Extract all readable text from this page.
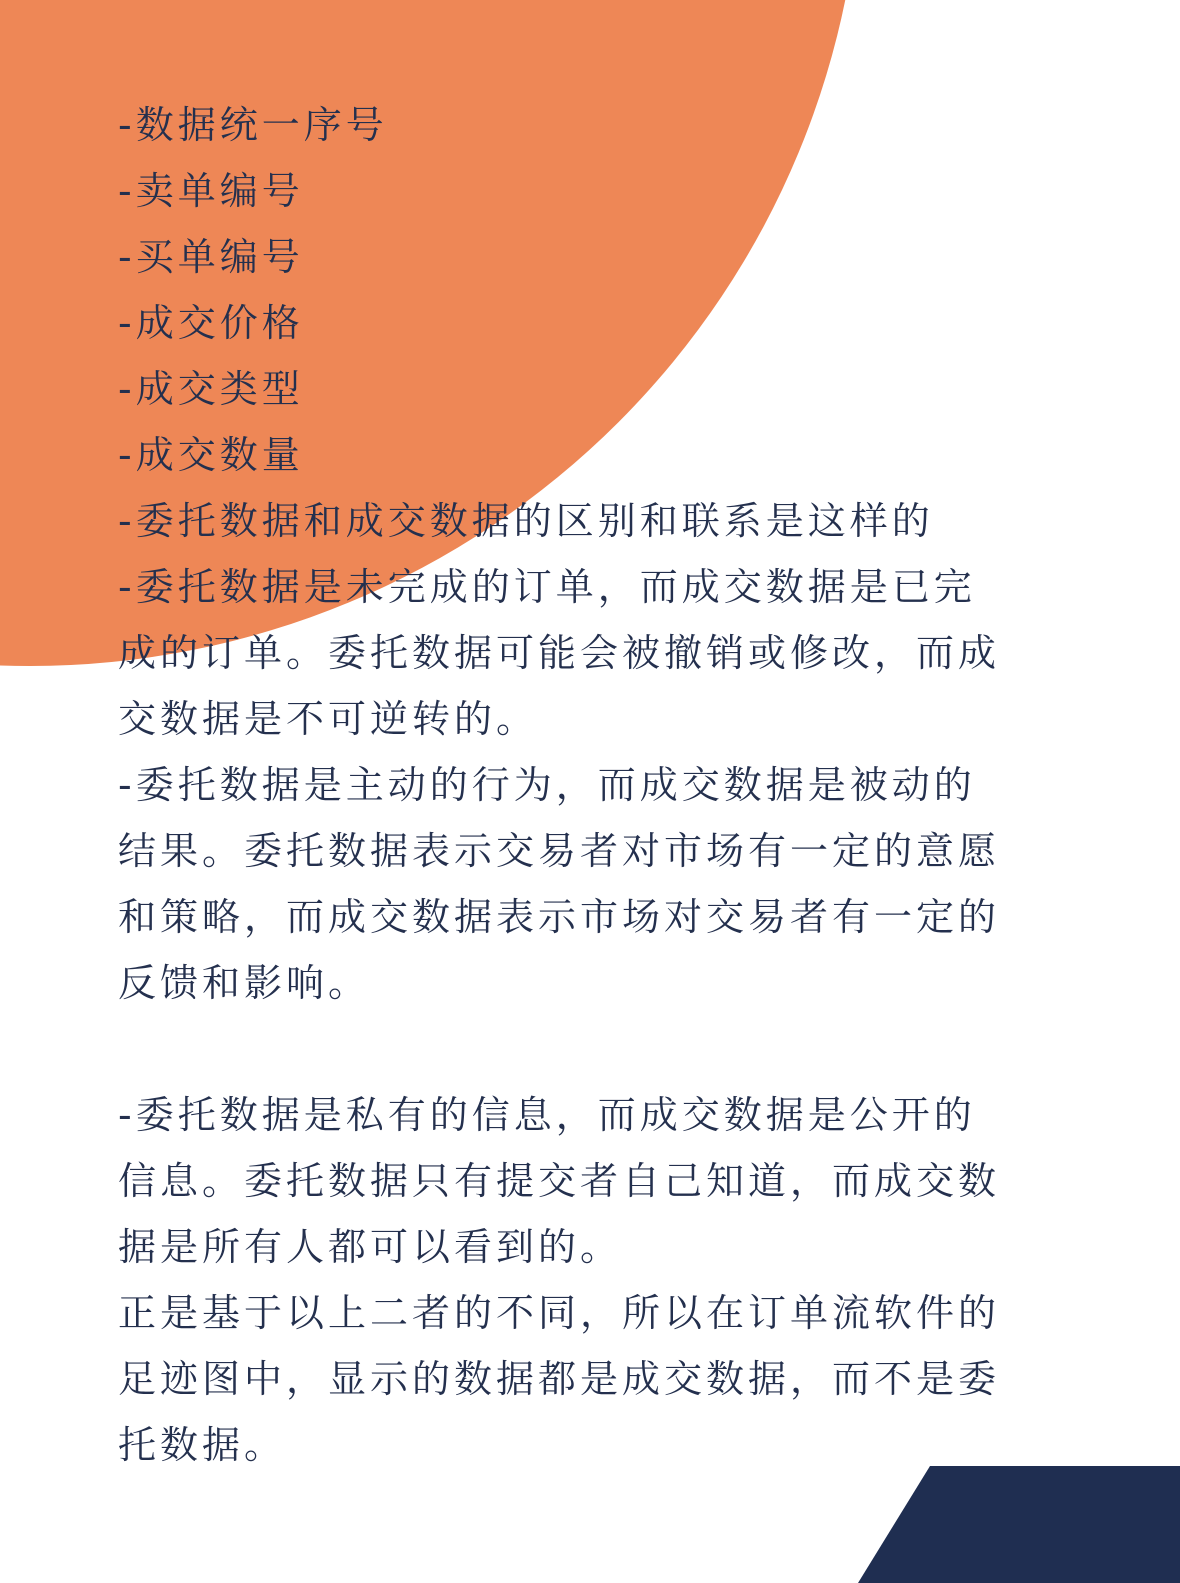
-数据统一序号
-卖单编号
-买单编号
-成交价格
-成交类型
-成交数量
-委托数据和成交数据的区别和联系是这样的
-委托数据是未完成的订单，而成交数据是已完
成的订单。委托数据可能会被撤销或修改，而成
交数据是不可逆转的。
-委托数据是主动的行为，而成交数据是被动的
结果。委托数据表示交易者对市场有一定的意愿
和策略，而成交数据表示市场对交易者有一定的
反馈和影响。
-委托数据是私有的信息，而成交数据是公开的
信息。委托数据只有提交者自己知道，而成交数
据是所有人都可以看到的。
正是基于以上二者的不同，所以在订单流软件的
足迹图中，显示的数据都是成交数据，而不是委
托数据。
